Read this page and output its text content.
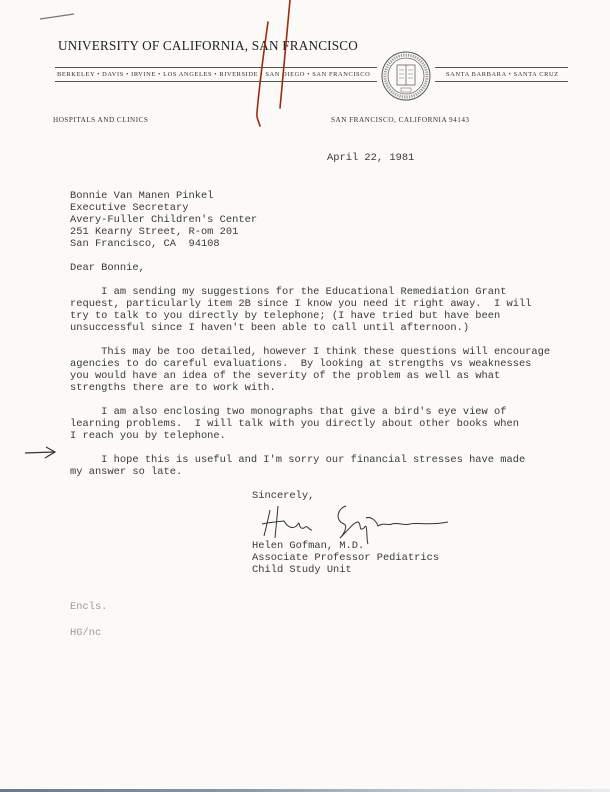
UNIVERSITY OF CALIFORNIA, SAN FRANCISCO
BERKELEY • DAVIS • IRVINE • LOS ANGELES • RIVERSIDE • SAN DIEGO • SAN FRANCISCO	SANTA BARBARA • SANTA CRUZ
HOSPITALS AND CLINICS	SAN FRANCISCO, CALIFORNIA 94143
April 22, 1981
Bonnie Van Manen Pinkel
Executive Secretary
Avery-Fuller Children's Center
251 Kearny Street, R-om 201
San Francisco, CA  94108
Dear Bonnie,
I am sending my suggestions for the Educational Remediation Grant
request, particularly item 2B since I know you need it right away.  I will
try to talk to you directly by telephone; (I have tried but have been
unsuccessful since I haven't been able to call until afternoon.)
This may be too detailed, however I think these questions will encourage
agencies to do careful evaluations.  By looking at strengths vs weaknesses
you would have an idea of the severity of the problem as well as what
strengths there are to work with.
I am also enclosing two monographs that give a bird's eye view of
learning problems.  I will talk with you directly about other books when
I reach you by telephone.
I hope this is useful and I'm sorry our financial stresses have made
my answer so late.
Sincerely,
Helen Gofman, M.D.
Associate Professor Pediatrics
Child Study Unit
Encls.
HG/nc
